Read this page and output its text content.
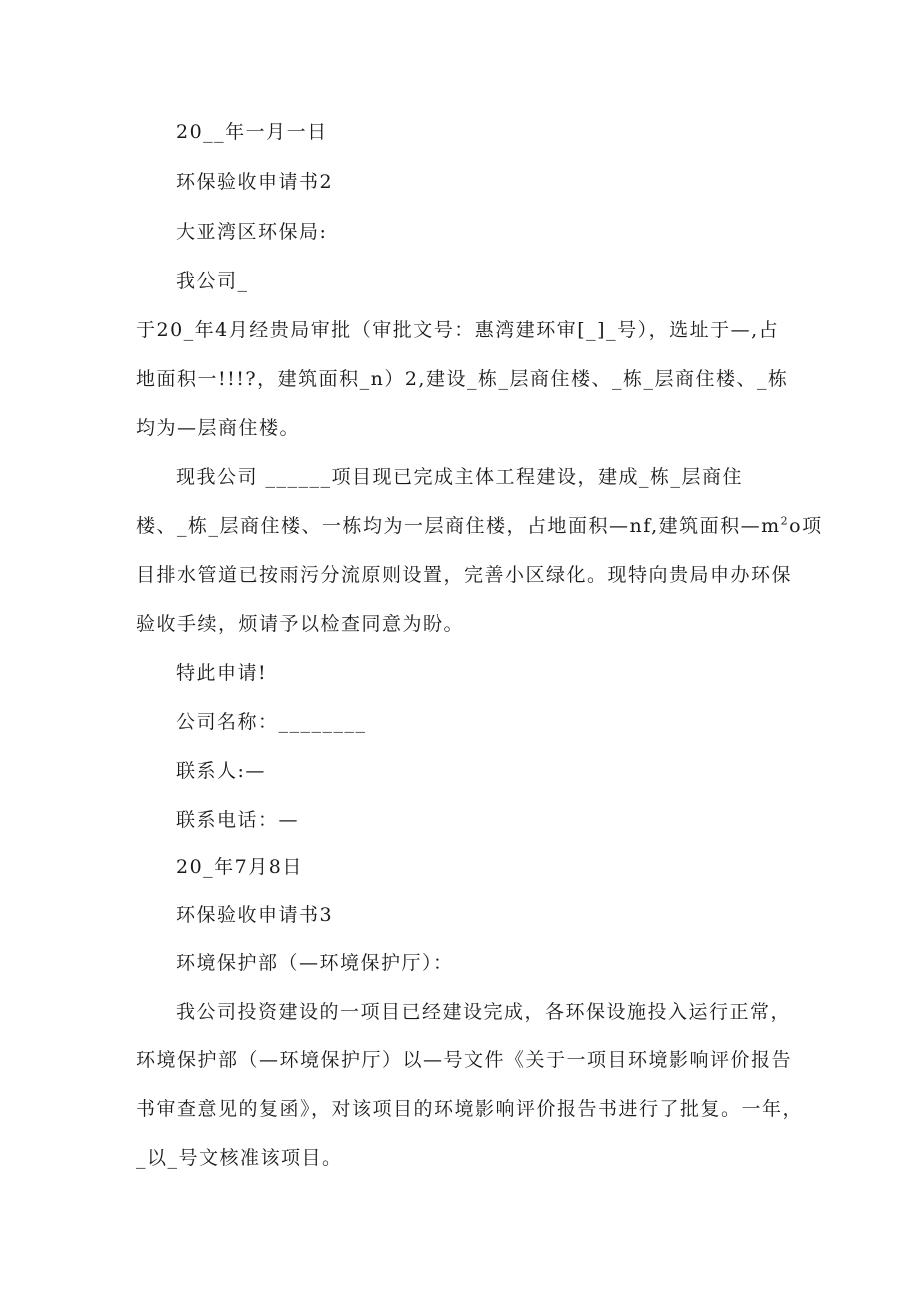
20__年一月一日
环保验收申请书2
大亚湾区环保局:
我公司_
于20_年4月经贵局审批（审批文号：惠湾建环审[_]_号），选址于—,占
地面积一!!!?，建筑面积_n）2,建设_栋_层商住楼、_栋_层商住楼、_栋
均为—层商住楼。
现我公司 ______项目现已完成主体工程建设，建成_栋_层商住
楼、_栋_层商住楼、一栋均为一层商住楼，占地面积—nf,建筑面积$—m^2o$项
目排水管道已按雨污分流原则设置，完善小区绿化。现特向贵局申办环保
验收手续，烦请予以检查同意为盼。
特此申请!
公司名称：________
联系人:—
联系电话：—
20_年7月8日
环保验收申请书3
环境保护部（—环境保护厅）：
我公司投资建设的一项目已经建设完成，各环保设施投入运行正常，
环境保护部（—环境保护厅）以—号文件《关于一项目环境影响评价报告
书审查意见的复函》，对该项目的环境影响评价报告书进行了批复。一年，
_以_号文核准该项目。
